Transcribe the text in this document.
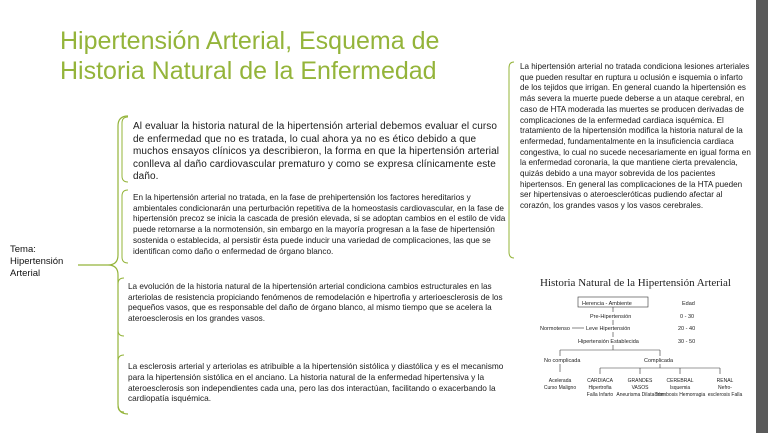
Hipertensión Arterial, Esquema de Historia Natural de la Enfermedad

Tema: Hipertensión Arterial

Al evaluar la historia natural de la hipertensión arterial debemos evaluar el curso de enfermedad que no es tratada, lo cual ahora ya no es ético debido a que muchos ensayos clínicos ya describieron, la forma en que la hipertensión arterial conlleva al daño cardiovascular prematuro y como se expresa clínicamente este daño.

En la hipertensión arterial no tratada, en la fase de prehipertensión los factores hereditarios y ambientales condicionarán una perturbación repetitiva de la homeostasis cardiovascular, en la fase de hipertensión precoz se inicia la cascada de presión elevada, si se adoptan cambios en el estilo de vida puede retornarse a la normotensión, sin embargo en la mayoría progresan a la fase de hipertensión sostenida o establecida, al persistir ésta puede inducir una variedad de complicaciones, las que se identifican como daño o enfermedad de órgano blanco.

La evolución de la historia natural de la hipertensión arterial condiciona cambios estructurales en las arteriolas de resistencia propiciando fenómenos de remodelación e hipertrofia y arterioesclerosis de los pequeños vasos, que es responsable del daño de órgano blanco, al mismo tiempo que se acelera la ateroesclerosis en los grandes vasos.

La esclerosis arterial y arteriolas es atribuible a la hipertensión sistólica y diastólica y es el mecanismo para la hipertensión sistólica en el anciano. La historia natural de la enfermedad hipertensiva y la ateroesclerosis son independientes cada una, pero las dos interactúan, facilitando o exacerbando la cardiopatía isquémica.

La hipertensión arterial no tratada condiciona lesiones arteriales que pueden resultar en ruptura u oclusión e isquemia o infarto de los tejidos que irrigan. En general cuando la hipertensión es más severa la muerte puede deberse a un ataque cerebral, en caso de HTA moderada las muertes se producen derivadas de complicaciones de la enfermedad cardiaca isquémica. El tratamiento de la hipertensión modifica la historia natural de la enfermedad, fundamentalmente en la insuficiencia cardiaca congestiva, lo cual no sucede necesariamente en igual forma en la enfermedad coronaria, la que mantiene cierta prevalencia, quizás debido a una mayor sobrevida de los pacientes hipertensos. En general las complicaciones de la HTA pueden ser hipertensivas o ateroescleróticas pudiendo afectar al corazón, los grandes vasos y los vasos cerebrales.

Historia Natural de la Hipertensión Arterial
Herencia - Ambiente	Edad
Pre-Hipertensión	0 - 30
Normotenso	Leve Hipertensión	20 - 40
Hipertensión Establecida	30 - 50
No complicada	Complicada
Acelerada
Curso Maligno
CARDIACA
Hipertrofia
Falla Infarto
GRANDES
VASOS
Aneurisma Dilatación
CEREBRAL
Isquemia
Trombosis Hemorragia
RENAL
Nefro-
esclerosis Falla
